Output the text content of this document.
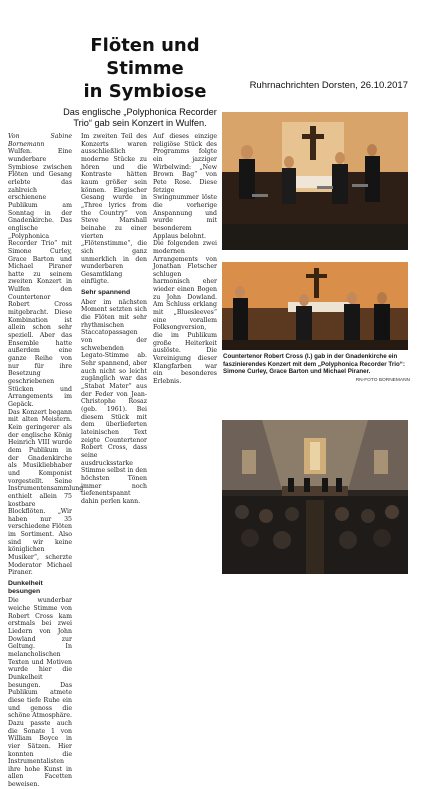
Flöten und
Stimme
in Symbiose	Ruhrnachrichten Dorsten, 26.10.2017
Das englische „Polyphonica Recorder
Trio“ gab sein Konzert in Wulfen.

Von Sabine Bornemann

Wulfen. Eine wunderbare Symbiose zwischen Flöten und Gesang erlebte das zahlreich erschienene Publikum am Sonntag in der Gnadenkirche. Das englische „Polyphonica Recorder Trio“ mit Simone Curley, Grace Barton und Michael Piraner hatte zu seinem zweiten Konzert in Wulfen den Countertenor Robert Cross mitgebracht. Diese Kombination ist allein schon sehr speziell. Aber das Ensemble hatte außerdem eine ganze Reihe von nur für ihre Besetzung geschriebenen Stücken und Arrangements im Gepäck.

Das Konzert begann mit alten Meistern. Kein geringerer als der englische König Heinrich VIII wurde dem Publikum in der Gnadenkirche als Musikliebhaber und Komponist vorgestellt. Seine Instrumentensammlung enthielt allein 75 kostbare Blockflöten. „Wir haben nur 35 verschiedene Flöten im Sortiment. Also sind wir keine königlichen Musiker“, scherzte Moderator Michael Piraner.

Dunkelheit besungen

Die wunderbar weiche Stimme von Robert Cross kam erstmals bei zwei Liedern von John Dowland zur Geltung. In melancholischen Texten und Motiven wurde hier die Dunkelheit besungen. Das Publikum atmete diese tiefe Ruhe ein und genoss die schöne Atmosphäre. Dazu passte auch die Sonate 1 von William Boyce in vier Sätzen. Hier konnten die Instrumentalisten ihre hohe Kunst in allen Facetten beweisen.

Im zweiten Teil des Konzerts waren ausschließlich

moderne Stücke zu hören und die Kontraste hätten kaum größer sein können. Elegischer Gesang wurde in „Three lyrics from the Country“ von Steve Marshall beinahe zu einer vierten „Flötenstimme“, die sich ganz unmerklich in den wunderbaren Gesamtklang einfügte.

Sehr spannend

Aber im nächsten Moment setzten sich die Flöten mit sehr rhythmischen Staccatopassagen von der schwebenden Legato-Stimme ab. Sehr spannend, aber auch nicht so leicht zugänglich war das „Stabat Mater“ aus der Feder von Jean-Christophe Rosaz (geb. 1961). Bei diesem Stück mit dem überlieferten lateinischen Text zeigte Countertenor Robert Cross, dass seine ausdrucksstarke Stimme selbst in den höchsten Tönen immer noch tiefenentspannt dahin perlen kann.

Auf dieses einzige religiöse Stück des Programms folgte ein jazziger Wirbelwind: „New Brown Bag“ von Pete Rose. Diese fetzige Swingnummer löste die vorherige Anspannung und wurde mit besonderem Applaus belohnt.

Die folgenden zwei modernen Arrangements von Jonathan Fletscher schlugen harmonisch eher wieder einen Bogen zu John Dowland. Am Schluss erklang mit „Bluesleeves“ eine vorallem Folksongversion, die im Publikum große Heiterkeit auslöste. Die Vereinigung dieser Klangfarben war ein besonderes Erlebnis.

Countertenor Robert Cross (l.) gab in der Gnadenkirche ein faszinierendes Konzert mit dem „Polyphonica Recorder Trio“: Simone Curley, Grace Barton und Michael Piraner.
RN-FOTO BORNEMANN
